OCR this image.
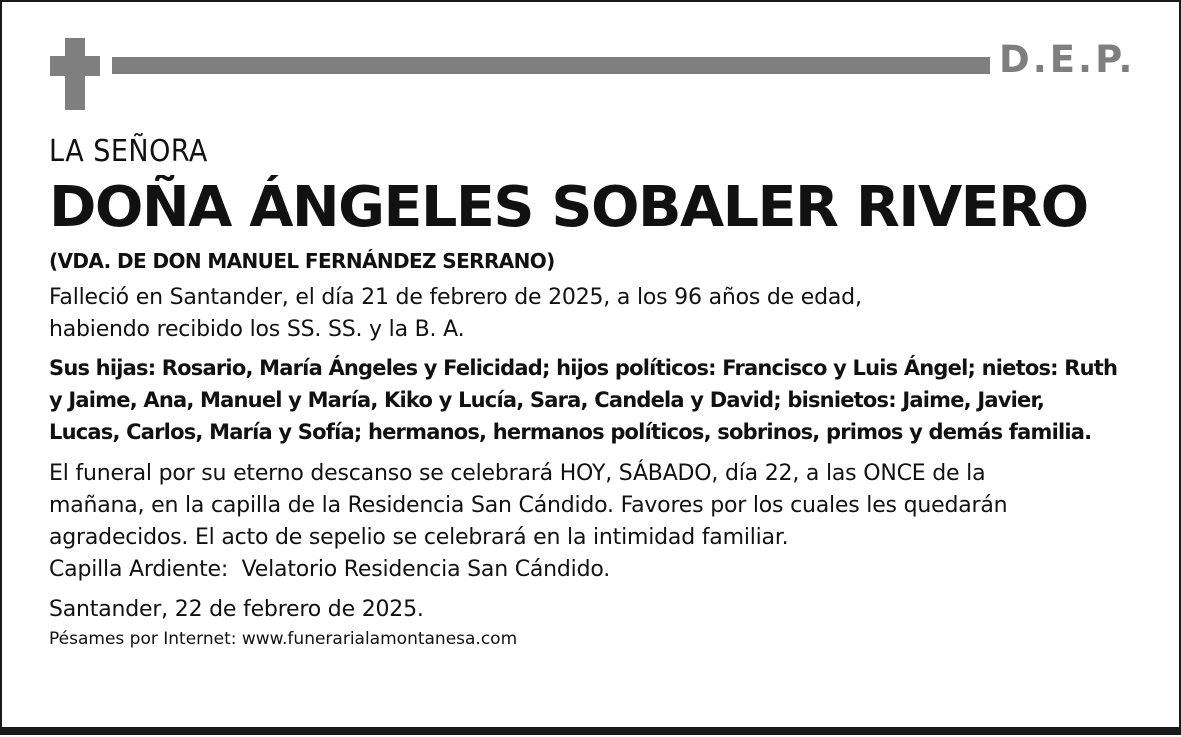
D.E.P.

LA SEÑORA

DOÑA ÁNGELES SOBALER RIVERO

(VDA. DE DON MANUEL FERNÁNDEZ SERRANO)

Falleció en Santander, el día 21 de febrero de 2025, a los 96 años de edad,
habiendo recibido los SS. SS. y la B. A.
Sus hijas: Rosario, María Ángeles y Felicidad; hijos políticos: Francisco y Luis Ángel; nietos: Ruth
y Jaime, Ana, Manuel y María, Kiko y Lucía, Sara, Candela y David; bisnietos: Jaime, Javier,
Lucas, Carlos, María y Sofía; hermanos, hermanos políticos, sobrinos, primos y demás familia.
El funeral por su eterno descanso se celebrará HOY, SÁBADO, día 22, a las ONCE de la
mañana, en la capilla de la Residencia San Cándido. Favores por los cuales les quedarán
agradecidos. El acto de sepelio se celebrará en la intimidad familiar.
Capilla Ardiente:  Velatorio Residencia San Cándido.

Santander, 22 de febrero de 2025.

Pésames por Internet: www.funerarialamontanesa.com
